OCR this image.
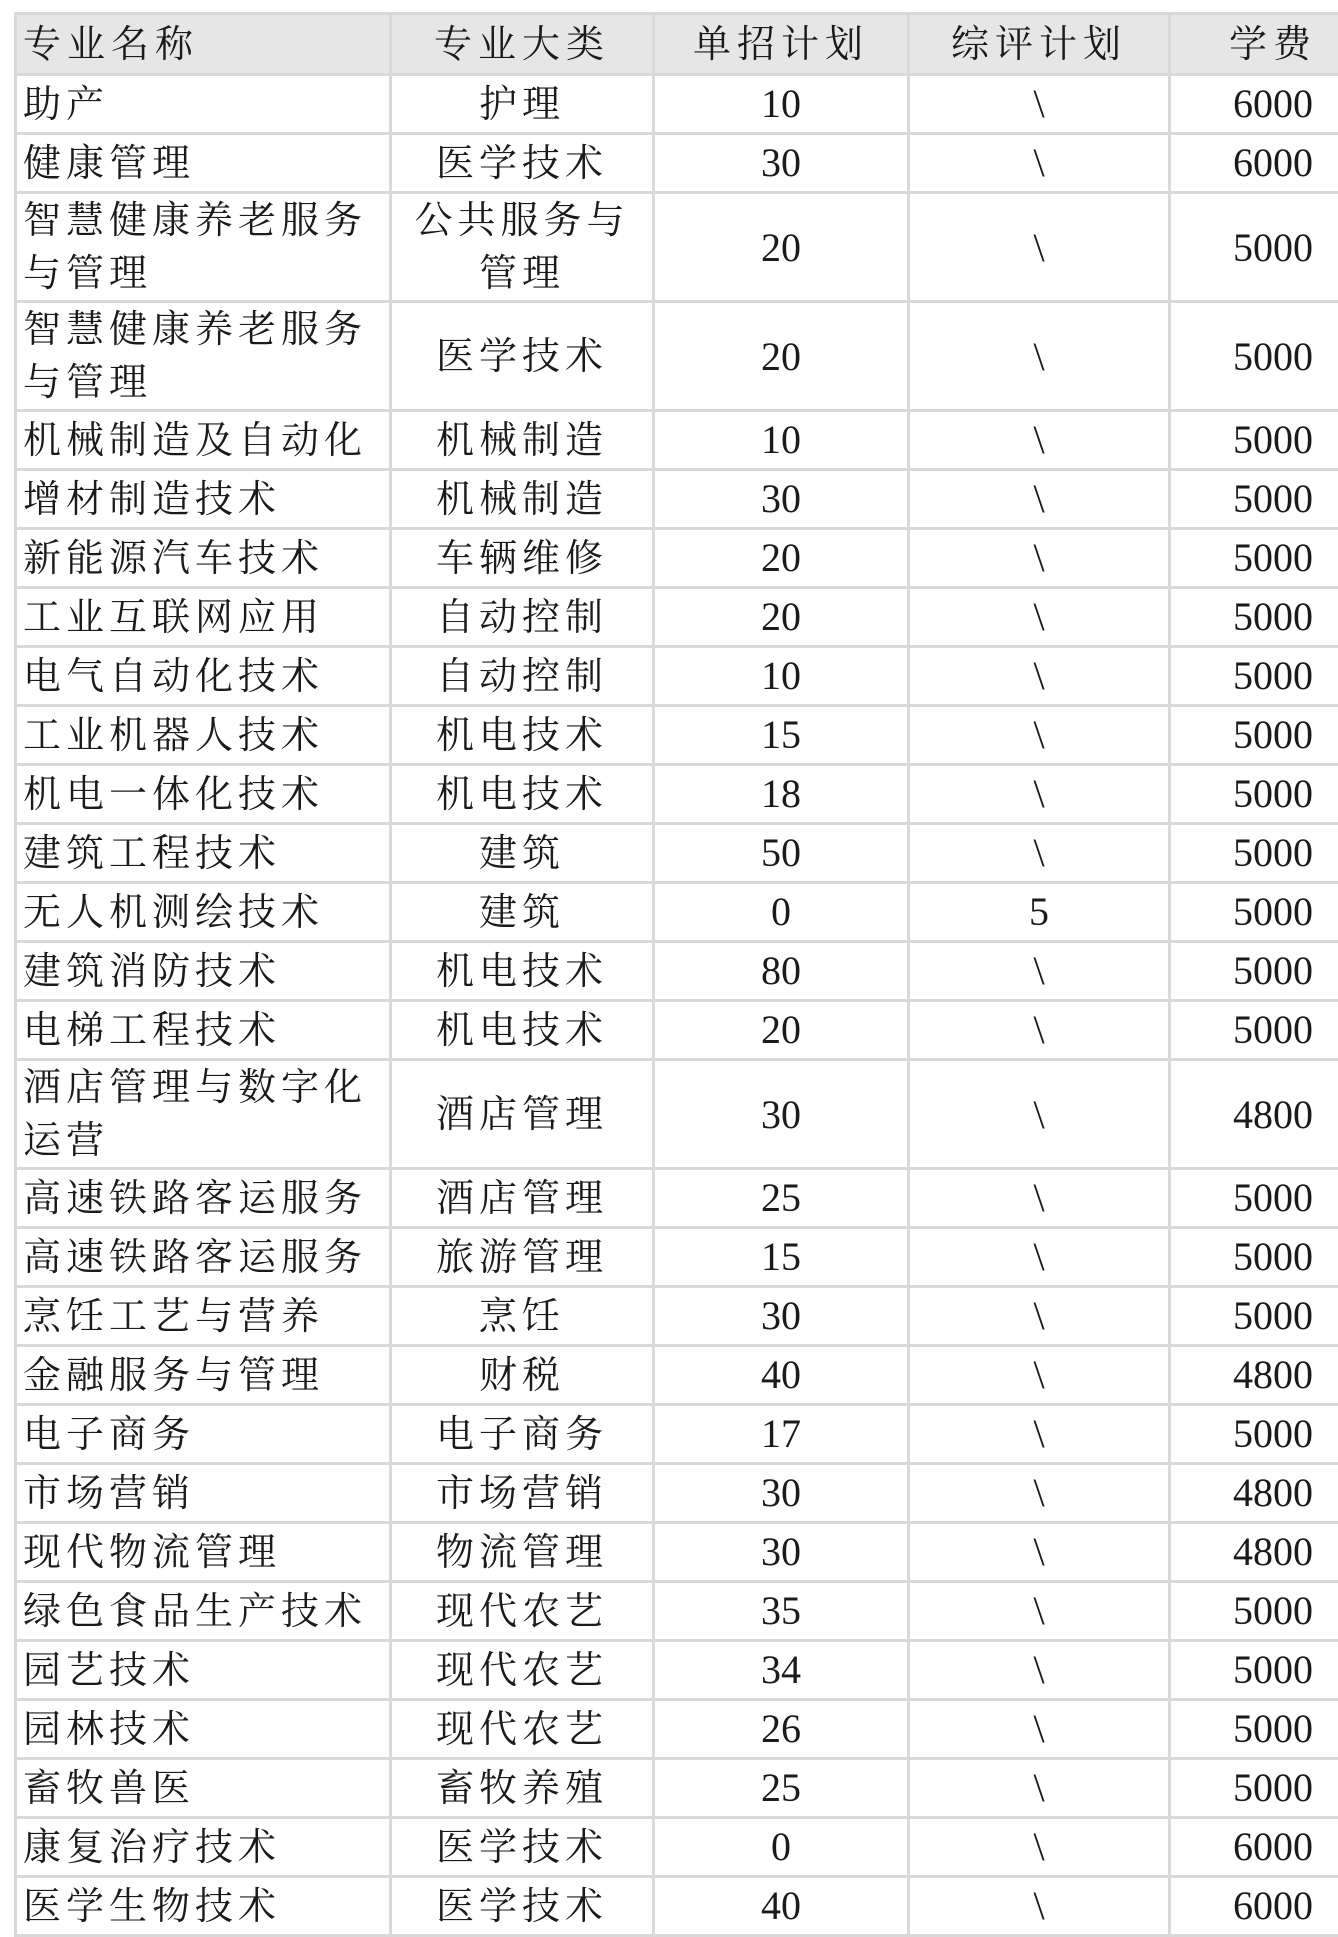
专业名称	专业大类	单招计划	综评计划	学费
助产	护理	10	\	6000
健康管理	医学技术	30	\	6000
智慧健康养老服务与管理	公共服务与管理	20	\	5000
智慧健康养老服务与管理	医学技术	20	\	5000
机械制造及自动化	机械制造	10	\	5000
增材制造技术	机械制造	30	\	5000
新能源汽车技术	车辆维修	20	\	5000
工业互联网应用	自动控制	20	\	5000
电气自动化技术	自动控制	10	\	5000
工业机器人技术	机电技术	15	\	5000
机电一体化技术	机电技术	18	\	5000
建筑工程技术	建筑	50	\	5000
无人机测绘技术	建筑	0	5	5000
建筑消防技术	机电技术	80	\	5000
电梯工程技术	机电技术	20	\	5000
酒店管理与数字化运营	酒店管理	30	\	4800
高速铁路客运服务	酒店管理	25	\	5000
高速铁路客运服务	旅游管理	15	\	5000
烹饪工艺与营养	烹饪	30	\	5000
金融服务与管理	财税	40	\	4800
电子商务	电子商务	17	\	5000
市场营销	市场营销	30	\	4800
现代物流管理	物流管理	30	\	4800
绿色食品生产技术	现代农艺	35	\	5000
园艺技术	现代农艺	34	\	5000
园林技术	现代农艺	26	\	5000
畜牧兽医	畜牧养殖	25	\	5000
康复治疗技术	医学技术	0	\	6000
医学生物技术	医学技术	40	\	6000
